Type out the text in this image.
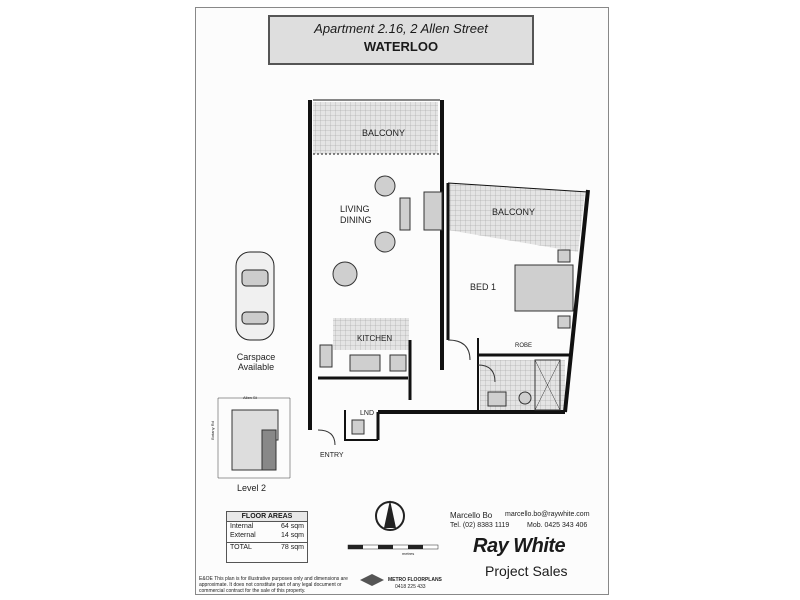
Apartment 2.16, 2 Allen Street
WATERLOO
BALCONY
LIVING
DINING
BALCONY
BED 1
KITCHEN
ROBE
LND
ENTRY
Carspace
Available
Allen St
Botany Rd
Level 2
FLOOR AREAS
Internal	64 sqm
External	14 sqm
TOTAL	78 sqm
metres
Marcello Bo marcello.bo@raywhite.com
Tel. (02) 8383 1119	Mob. 0425 343 406
Ray White
Project Sales
E&OE This plan is for illustrative purposes only and dimensions are approximate. It does not constitute part of any legal document or commercial contract for the sale of this property.
METRO FLOORPLANS
0418 225 433
